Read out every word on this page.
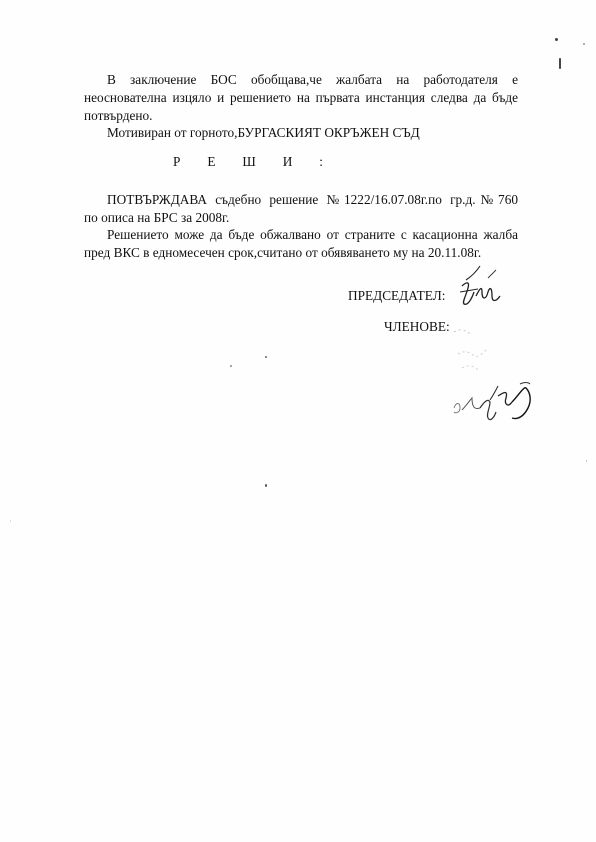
В заключение БОС обобщава,че жалбата на работодателя е
неоснователна изцяло и решението на първата инстанция следва да бъде
потвърдено.
Мотивиран от горното,БУРГАСКИЯТ ОКРЪЖЕН СЪД
Р Е Ш И :
ПОТВЪРЖДАВА съдебно решение №1222/16.07.08г.по гр.д.№760
по описа на БРС за 2008г.
Решението може да бъде обжалвано от страните с касационна жалба
пред ВКС в едномесечен срок,считано от обявяването му на 20.11.08г.
ПРЕДСЕДАТЕЛ:
ЧЛЕНОВЕ:
